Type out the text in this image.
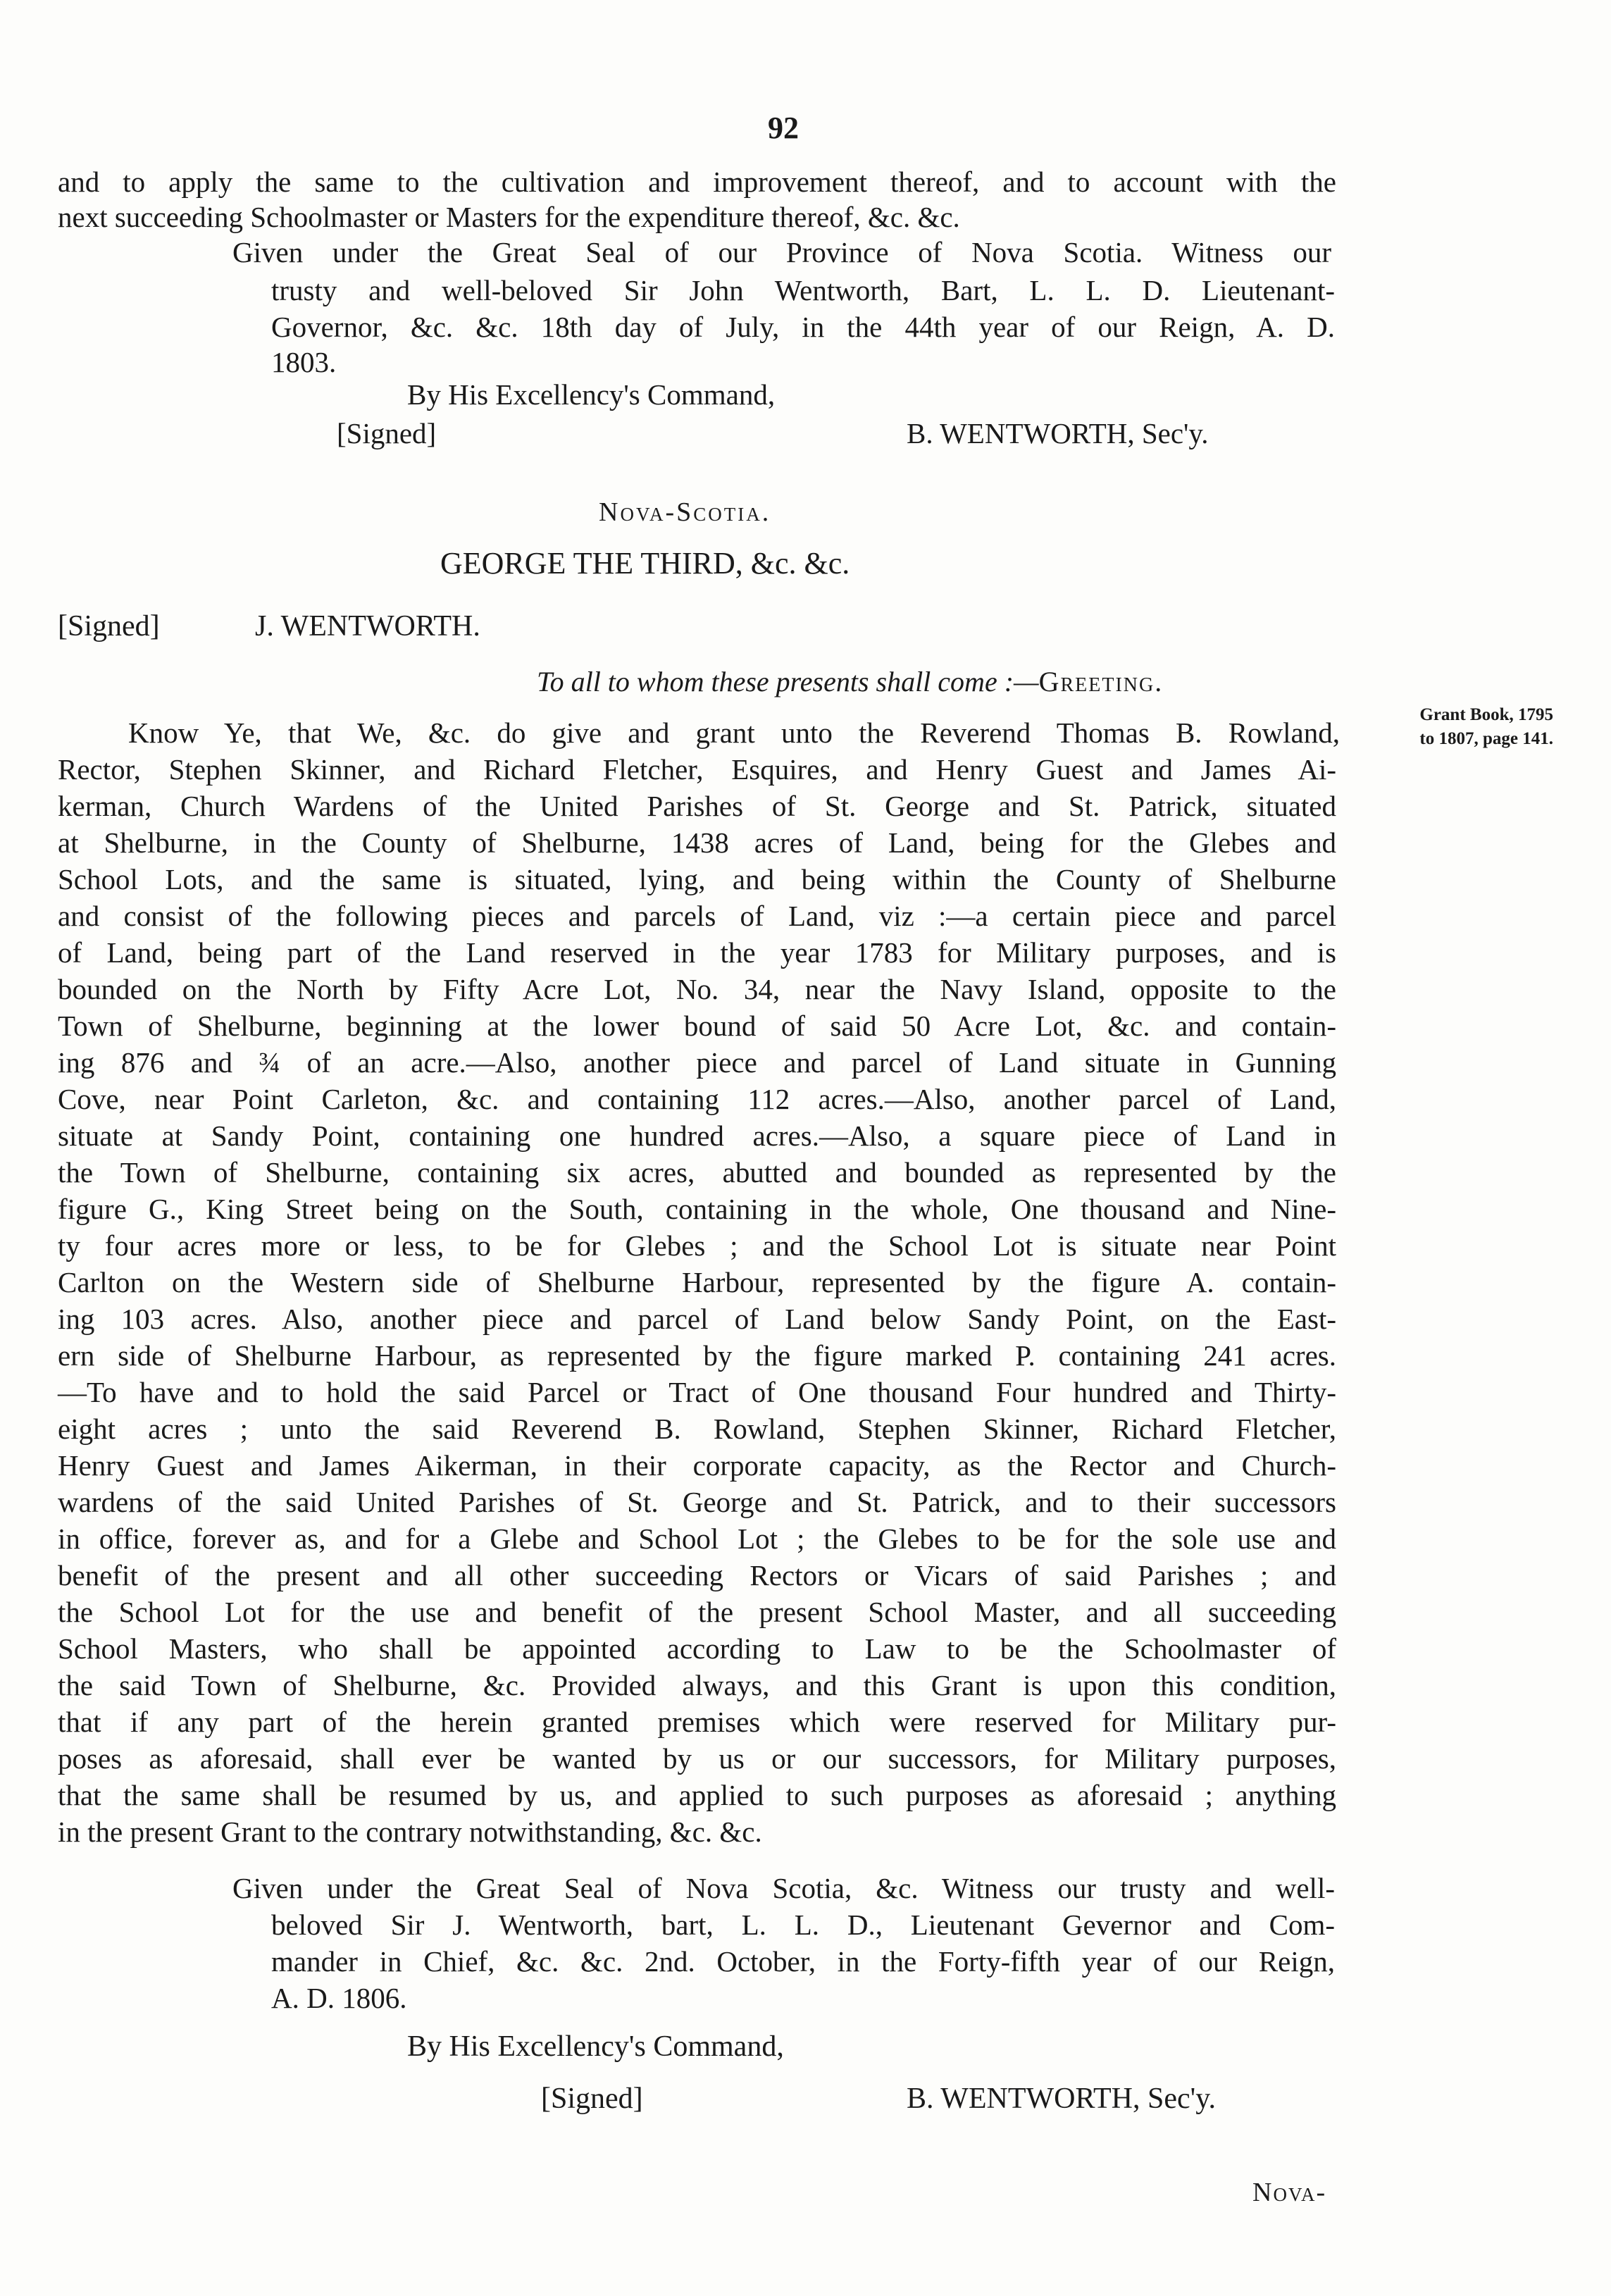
92
and to apply the same to the cultivation and improvement thereof, and to account with the
next succeeding Schoolmaster or Masters for the expenditure thereof, &c. &c.
Given under the Great Seal of our Province of Nova Scotia. Witness our
trusty and well-beloved Sir John Wentworth, Bart, L. L. D. Lieutenant-
Governor, &c. &c. 18th day of July, in the 44th year of our Reign, A. D.
1803.
By His Excellency's Command,
[Signed]	B. WENTWORTH, Sec'y.
Nova-Scotia.
GEORGE THE THIRD, &c. &c.
[Signed]	J. WENTWORTH.
To all to whom these presents shall come :—Greeting.
Grant Book, 1795
to 1807, page 141.
Know Ye, that We, &c. do give and grant unto the Reverend Thomas B. Rowland,
Rector, Stephen Skinner, and Richard Fletcher, Esquires, and Henry Guest and James Ai-
kerman, Church Wardens of the United Parishes of St. George and St. Patrick, situated
at Shelburne, in the County of Shelburne, 1438 acres of Land, being for the Glebes and
School Lots, and the same is situated, lying, and being within the County of Shelburne
and consist of the following pieces and parcels of Land, viz :—a certain piece and parcel
of Land, being part of the Land reserved in the year 1783 for Military purposes, and is
bounded on the North by Fifty Acre Lot, No. 34, near the Navy Island, opposite to the
Town of Shelburne, beginning at the lower bound of said 50 Acre Lot, &c. and contain-
ing 876 and ¾ of an acre.—Also, another piece and parcel of Land situate in Gunning
Cove, near Point Carleton, &c. and containing 112 acres.—Also, another parcel of Land,
situate at Sandy Point, containing one hundred acres.—Also, a square piece of Land in
the Town of Shelburne, containing six acres, abutted and bounded as represented by the
figure G., King Street being on the South, containing in the whole, One thousand and Nine-
ty four acres more or less, to be for Glebes ; and the School Lot is situate near Point
Carlton on the Western side of Shelburne Harbour, represented by the figure A. contain-
ing 103 acres. Also, another piece and parcel of Land below Sandy Point, on the East-
ern side of Shelburne Harbour, as represented by the figure marked P. containing 241 acres.
—To have and to hold the said Parcel or Tract of One thousand Four hundred and Thirty-
eight acres ; unto the said Reverend B. Rowland, Stephen Skinner, Richard Fletcher,
Henry Guest and James Aikerman, in their corporate capacity, as the Rector and Church-
wardens of the said United Parishes of St. George and St. Patrick, and to their successors
in office, forever as, and for a Glebe and School Lot ; the Glebes to be for the sole use and
benefit of the present and all other succeeding Rectors or Vicars of said Parishes ; and
the School Lot for the use and benefit of the present School Master, and all succeeding
School Masters, who shall be appointed according to Law to be the Schoolmaster of
the said Town of Shelburne, &c. Provided always, and this Grant is upon this condition,
that if any part of the herein granted premises which were reserved for Military pur-
poses as aforesaid, shall ever be wanted by us or our successors, for Military purposes,
that the same shall be resumed by us, and applied to such purposes as aforesaid ; anything
in the present Grant to the contrary notwithstanding, &c. &c.
Given under the Great Seal of Nova Scotia, &c. Witness our trusty and well-
beloved Sir J. Wentworth, bart, L. L. D., Lieutenant Gevernor and Com-
mander in Chief, &c. &c. 2nd. October, in the Forty-fifth year of our Reign,
A. D. 1806.
By His Excellency's Command,
[Signed]	B. WENTWORTH, Sec'y.
Nova-
